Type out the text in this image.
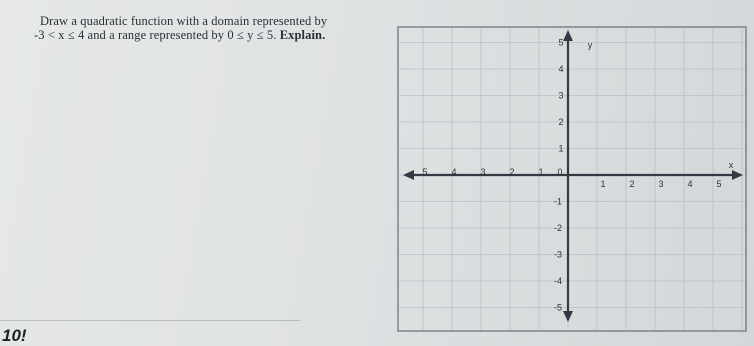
Draw a quadratic function with a domain represented by
-3 < x ≤ 4 and a range represented by 0 ≤ y ≤ 5. Explain.
10!
5	4	3	2	1 0
1	2	3	4	5
1
2
3
4
5
-1
-2
-3
-4
-5
x
y
